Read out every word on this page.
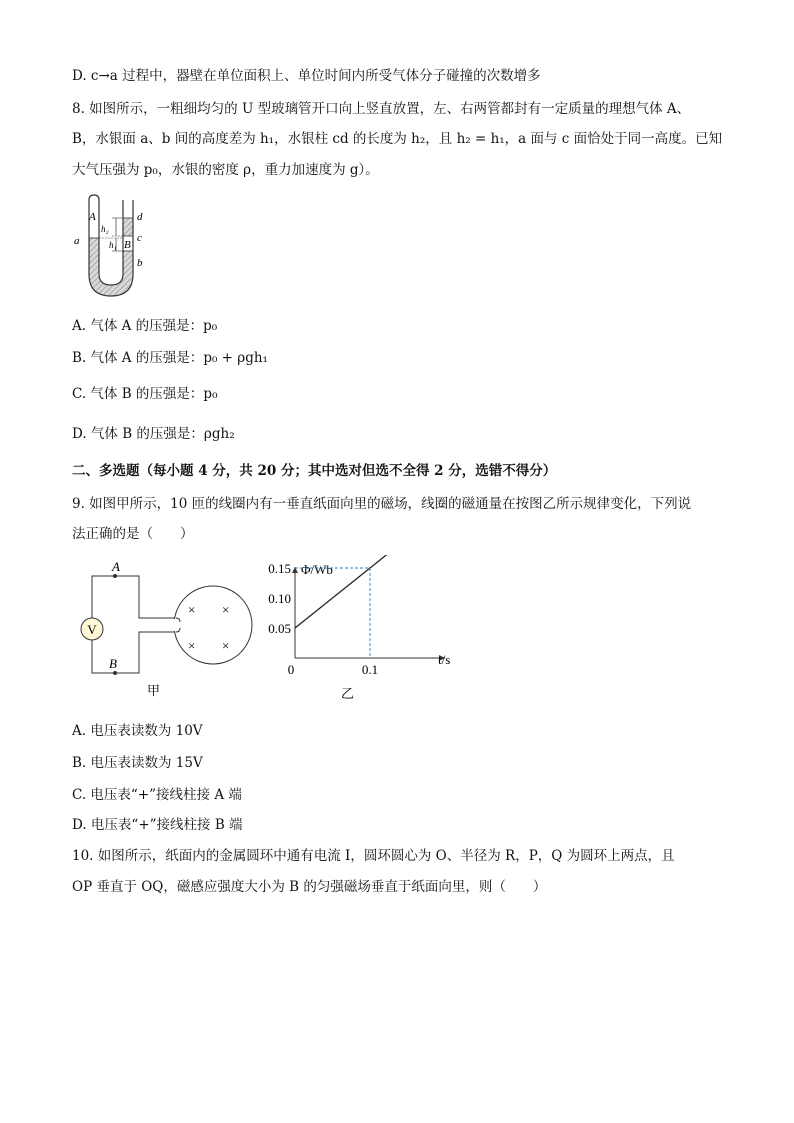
D. c→a 过程中，器壁在单位面积上、单位时间内所受气体分子碰撞的次数增多
8. 如图所示，一粗细均匀的 U 型玻璃管开口向上竖直放置，左、右两管都封有一定质量的理想气体 A、
B，水银面 a、b 间的高度差为 h₁，水银柱 cd 的长度为 h₂，且 h₂ = h₁，a 面与 c 面恰处于同一高度。已知
大气压强为 p₀，水银的密度 ρ，重力加速度为 g）。
A
B
a
b
c
d
h₂
h₁
A. 气体 A 的压强是：p₀
B. 气体 A 的压强是：p₀ + ρgh₁
C. 气体 B 的压强是：p₀
D. 气体 B 的压强是：ρgh₂
二、多选题（每小题 4 分，共 20 分；其中选对但选不全得 2 分，选错不得分）
9. 如图甲所示，10 匝的线圈内有一垂直纸面向里的磁场，线圈的磁通量在按图乙所示规律变化，下列说
法正确的是（　　）
V
× ×
× ×
A
B
甲
Φ/Wb
t/s
0
0.15
0.10
0.05
0.1
乙
A. 电压表读数为 10V
B. 电压表读数为 15V
C. 电压表“+”接线柱接 A 端
D. 电压表“+”接线柱接 B 端
10. 如图所示，纸面内的金属圆环中通有电流 I，圆环圆心为 O、半径为 R，P，Q 为圆环上两点，且
OP 垂直于 OQ，磁感应强度大小为 B 的匀强磁场垂直于纸面向里，则（　　）
